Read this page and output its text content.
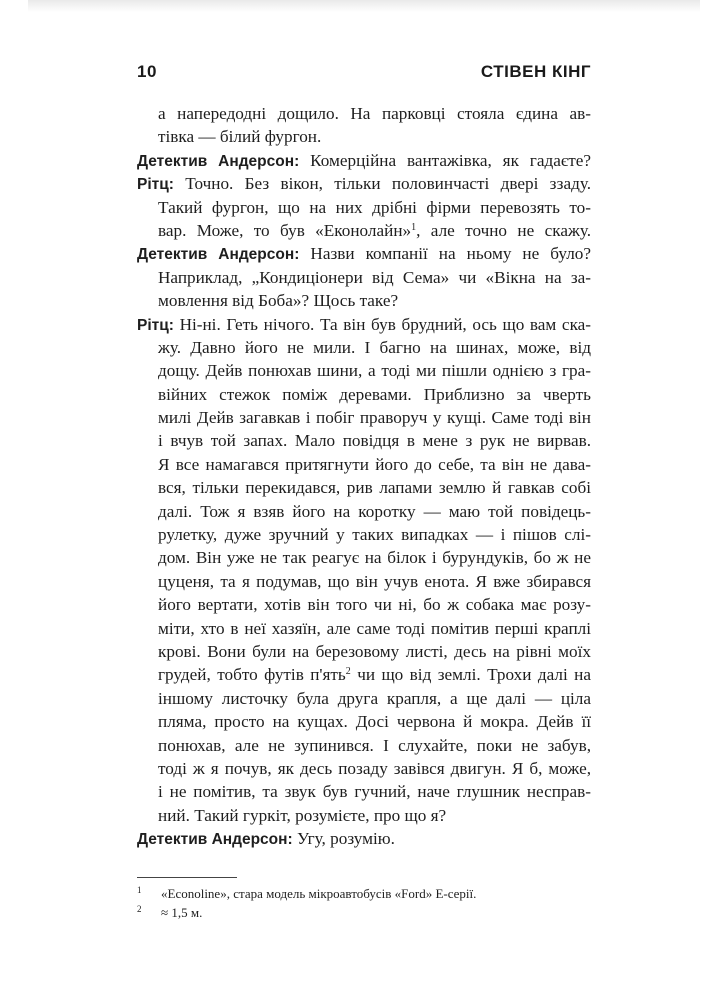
10	СТІВЕН КІНГ
а напередодні дощило. На парковці стояла єдина ав-
тівка — білий фургон.
Детектив Андерсон: Комерційна вантажівка, як гадаєте?
Рітц: Точно. Без вікон, тільки половинчасті двері ззаду.
Такий фургон, що на них дрібні фірми перевозять то-
вар. Може, то був «Еконолайн»$^1$, але точно не скажу.
Детектив Андерсон: Назви компанії на ньому не було?
Наприклад, „Кондиціонери від Сема» чи «Вікна на за-
мовлення від Боба»? Щось таке?
Рітц: Ні-ні. Геть нічого. Та він був брудний, ось що вам ска-
жу. Давно його не мили. І багно на шинах, може, від
дощу. Дейв понюхав шини, а тоді ми пішли однією з гра-
війних стежок поміж деревами. Приблизно за чверть
милі Дейв загавкав і побіг праворуч у кущі. Саме тоді він
і вчув той запах. Мало повідця в мене з рук не вирвав.
Я все намагався притягнути його до себе, та він не дава-
вся, тільки перекидався, рив лапами землю й гавкав собі
далі. Тож я взяв його на коротку — маю той повідець-
рулетку, дуже зручний у таких випадках — і пішов слі-
дом. Він уже не так реагує на білок і бурундуків, бо ж не
цуценя, та я подумав, що він учув енота. Я вже збирався
його вертати, хотів він того чи ні, бо ж собака має розу-
міти, хто в неї хазяїн, але саме тоді помітив перші краплі
крові. Вони були на березовому листі, десь на рівні моїх
грудей, тобто футів п'ять$^2$ чи що від землі. Трохи далі на
іншому листочку була друга крапля, а ще далі — ціла
пляма, просто на кущах. Досі червона й мокра. Дейв її
понюхав, але не зупинився. І слухайте, поки не забув,
тоді ж я почув, як десь позаду завівся двигун. Я б, може,
і не помітив, та звук був гучний, наче глушник несправ-
ний. Такий гуркіт, розумієте, про що я?
Детектив Андерсон: Угу, розумію.
1 «Econoline», стара модель мікроавтобусів «Ford» E-серії.
2 ≈ 1,5 м.
